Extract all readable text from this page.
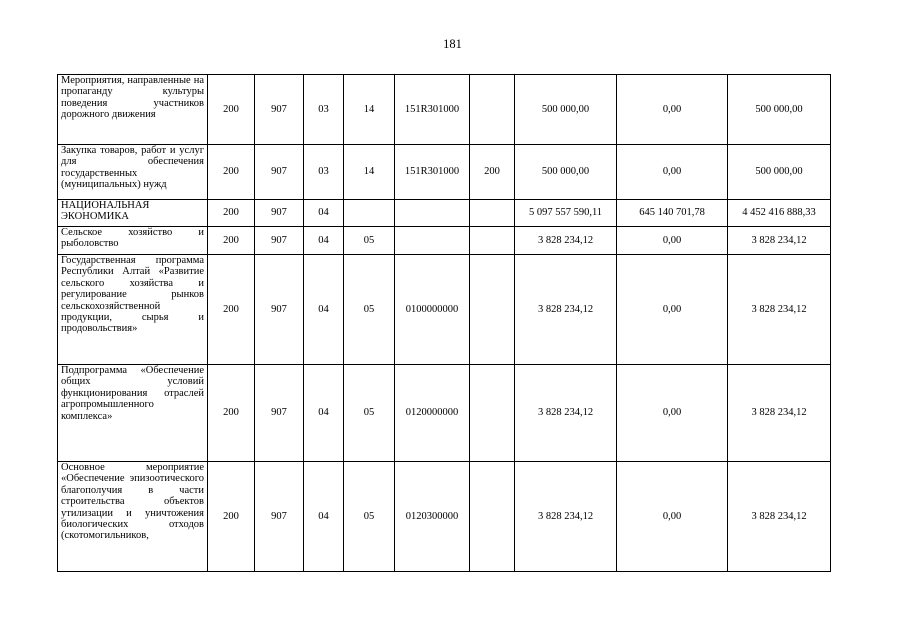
181
Мероприятия, направленные на пропаганду культуры поведения участников дорожного движения	200	907	03	14	151R301000		500 000,00	0,00	500 000,00
Закупка товаров, работ и услуг для обеспечения государственных (муниципальных) нужд	200	907	03	14	151R301000	200	500 000,00	0,00	500 000,00
НАЦИОНАЛЬНАЯ ЭКОНОМИКА	200	907	04				5 097 557 590,11	645 140 701,78	4 452 416 888,33
Сельское хозяйство и рыболовство	200	907	04	05			3 828 234,12	0,00	3 828 234,12
Государственная программа Республики Алтай «Развитие сельского хозяйства и регулирование рынков сельскохозяйственной продукции, сырья и продовольствия»	200	907	04	05	0100000000		3 828 234,12	0,00	3 828 234,12
Подпрограмма «Обеспечение общих условий функционирования отраслей агропромышленного комплекса»	200	907	04	05	0120000000		3 828 234,12	0,00	3 828 234,12
Основное мероприятие «Обеспечение эпизоотического благополучия в части строительства объектов утилизации и уничтожения биологических отходов (скотомогильников,	200	907	04	05	0120300000		3 828 234,12	0,00	3 828 234,12
